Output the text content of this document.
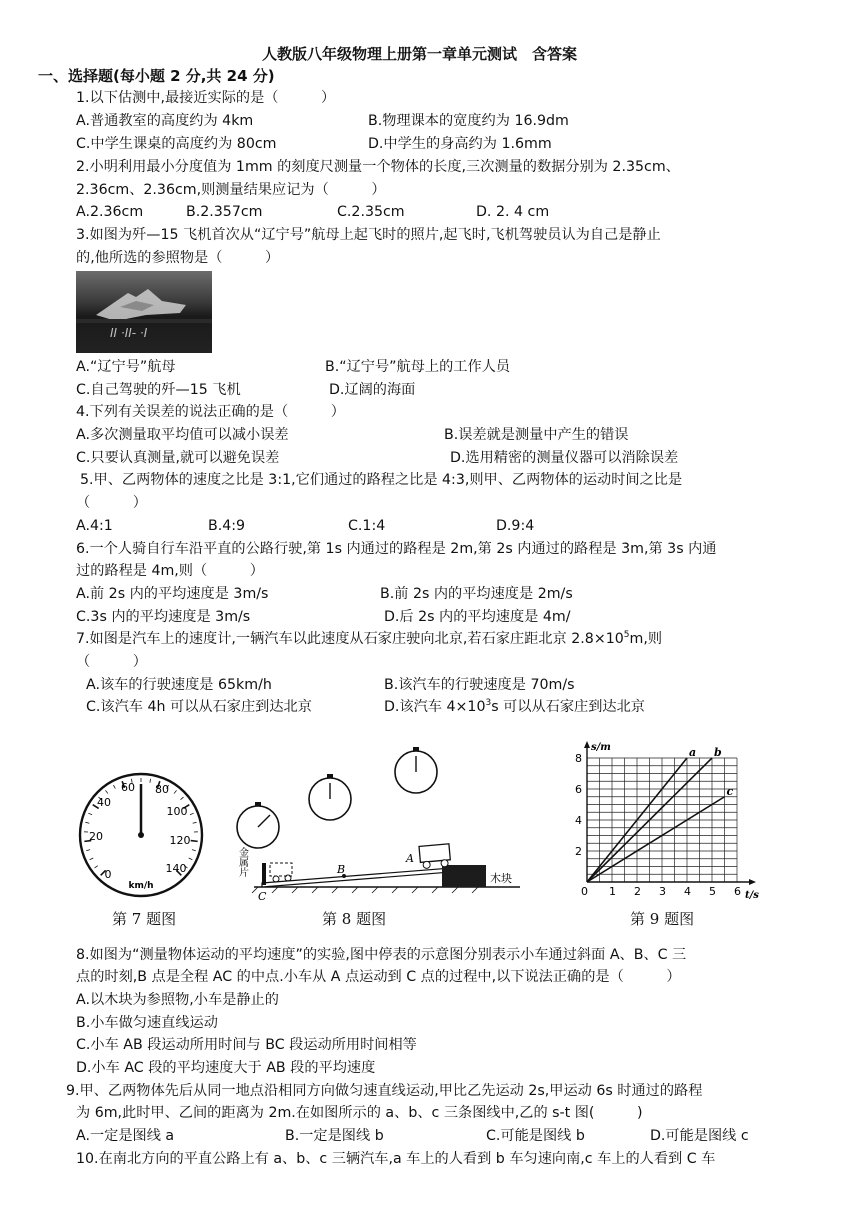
人教版八年级物理上册第一章单元测试　含答案
一、选择题(每小题 2 分,共 24 分)
1.以下估测中,最接近实际的是（　　　）
A.普通教室的高度约为 4km	B.物理课本的宽度约为 16.9dm
C.中学生课桌的高度约为 80cm	D.中学生的身高约为 1.6mm
2.小明利用最小分度值为 1mm 的刻度尺测量一个物体的长度,三次测量的数据分别为 2.35cm、
2.36cm、2.36cm,则测量结果应记为（　　　）
A.2.36cm	B.2.357cm	C.2.35cm	D. 2. 4 cm
3.如图为歼—15 飞机首次从“辽宁号”航母上起飞时的照片,起飞时,飞机驾驶员认为自己是静止
的,他所选的参照物是（　　　）
II ·II- ·I
A.“辽宁号”航母	B.“辽宁号”航母上的工作人员
C.自己驾驶的歼—15 飞机	D.辽阔的海面
4.下列有关误差的说法正确的是（　　　）
A.多次测量取平均值可以减小误差	B.误差就是测量中产生的错误
C.只要认真测量,就可以避免误差	D.选用精密的测量仪器可以消除误差
5.甲、乙两物体的速度之比是 3:1,它们通过的路程之比是 4:3,则甲、乙两物体的运动时间之比是
（　　　）
A.4:1	B.4:9	C.1:4	D.9:4
6.一个人骑自行车沿平直的公路行驶,第 1s 内通过的路程是 2m,第 2s 内通过的路程是 3m,第 3s 内通
过的路程是 4m,则（　　　）
A.前 2s 内的平均速度是 3m/s	B.前 2s 内的平均速度是 2m/s
C.3s 内的平均速度是 3m/s	D.后 2s 内的平均速度是 4m/
7.如图是汽车上的速度计,一辆汽车以此速度从石家庄驶向北京,若石家庄距北京 $2.8\times 10^5m$,则
（　　　）
A.该车的行驶速度是 65km/h	B.该汽车的行驶速度是 70m/s
C.该汽车 4h 可以从石家庄到达北京	D.该汽车 $4\times 10^3s$ 可以从石家庄到达北京
0
20
40
60 80
100
120
140
km/h
木块
金属片	A
B
C
s/m
t/s
0 1 2 3 4 5 6
2
4
6
8	a b
c
第 7 题图	第 8 题图	第 9 题图
8.如图为“测量物体运动的平均速度”的实验,图中停表的示意图分别表示小车通过斜面 A、B、C 三
点的时刻,B 点是全程 AC 的中点.小车从 A 点运动到 C 点的过程中,以下说法正确的是（　　　）
A.以木块为参照物,小车是静止的
B.小车做匀速直线运动
C.小车 AB 段运动所用时间与 BC 段运动所用时间相等
D.小车 AC 段的平均速度大于 AB 段的平均速度
9.甲、乙两物体先后从同一地点沿相同方向做匀速直线运动,甲比乙先运动 2s,甲运动 6s 时通过的路程
为 6m,此时甲、乙间的距离为 2m.在如图所示的 a、b、c 三条图线中,乙的 s-t 图(　　　)
A.一定是图线 a	B.一定是图线 b	C.可能是图线 b	D.可能是图线 c
10.在南北方向的平直公路上有 a、b、c 三辆汽车,a 车上的人看到 b 车匀速向南,c 车上的人看到 C 车
